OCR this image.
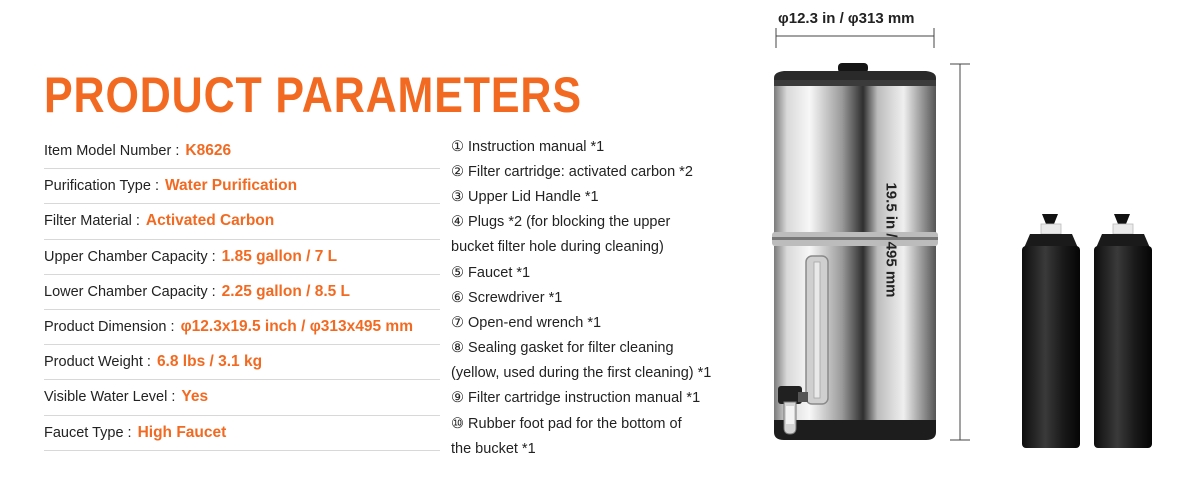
PRODUCT PARAMETERS
Item Model Number : K8626
Purification Type : Water Purification
Filter Material : Activated Carbon
Upper Chamber Capacity : 1.85 gallon / 7 L
Lower Chamber Capacity : 2.25 gallon / 8.5 L
Product Dimension : φ12.3x19.5 inch / φ313x495 mm
Product Weight : 6.8 lbs / 3.1 kg
Visible Water Level : Yes
Faucet Type : High Faucet
① Instruction manual *1
② Filter cartridge: activated carbon *2
③ Upper Lid Handle *1
④ Plugs *2 (for blocking the upper
bucket filter hole during cleaning)
⑤ Faucet *1
⑥ Screwdriver *1
⑦ Open-end wrench *1
⑧ Sealing gasket for filter cleaning
(yellow, used during the first cleaning) *1
⑨ Filter cartridge instruction manual *1
⑩ Rubber foot pad for the bottom of
the bucket *1
φ12.3 in / φ313 mm
19.5 in / 495 mm
